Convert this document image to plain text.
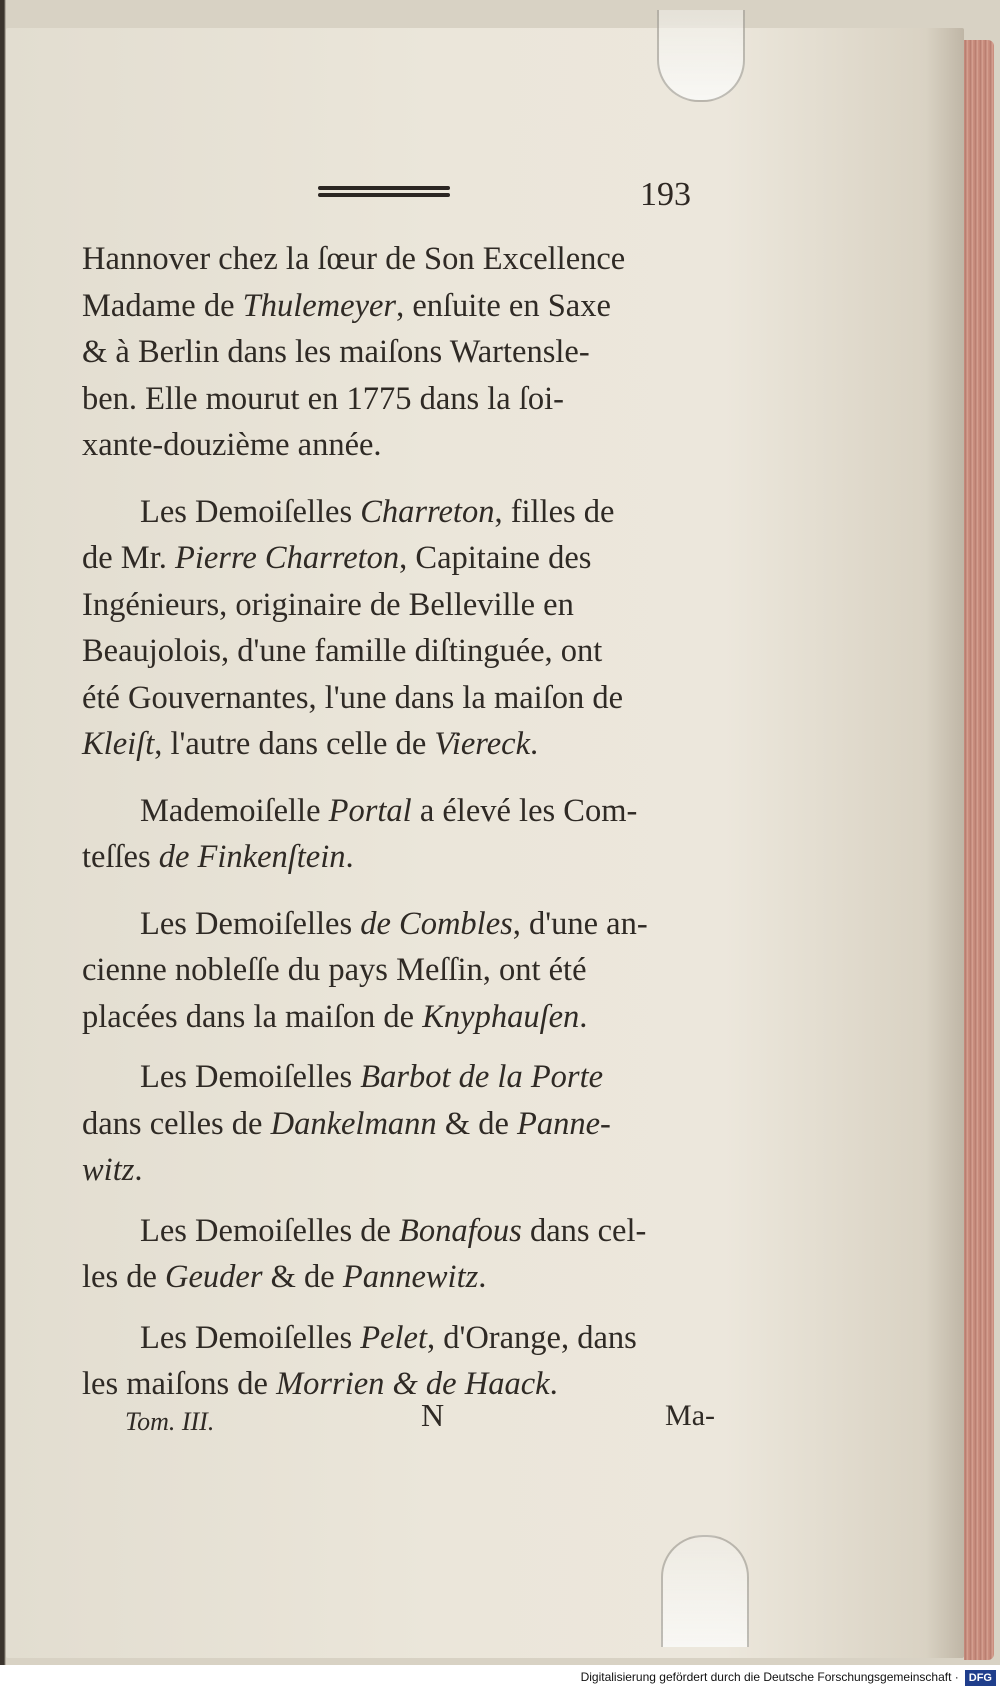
193

Hannover chez la ſœur de Son Excellence
Madame de Thulemeyer, enſuite en Saxe
& à Berlin dans les maiſons Wartensle-
ben. Elle mourut en 1775 dans la ſoi-
xante-douzième année.

Les Demoiſelles Charreton, filles de
de Mr. Pierre Charreton, Capitaine des
Ingénieurs, originaire de Belleville en
Beaujolois, d'une famille diſtinguée, ont
été Gouvernantes, l'une dans la maiſon de
Kleiſt, l'autre dans celle de Viereck.

Mademoiſelle Portal a élevé les Com-
teſſes de Finkenſtein.

Les Demoiſelles de Combles, d'une an-
cienne nobleſſe du pays Meſſin, ont été
placées dans la maiſon de Knyphauſen.

Les Demoiſelles Barbot de la Porte
dans celles de Dankelmann & de Panne-
witz.

Les Demoiſelles de Bonafous dans cel-
les de Geuder & de Pannewitz.

Les Demoiſelles Pelet, d'Orange, dans
les maiſons de Morrien & de Haack.

Tom. III.	N	Ma-
Digitalisierung gefördert durch die Deutsche Forschungsgemeinschaft · DFG
